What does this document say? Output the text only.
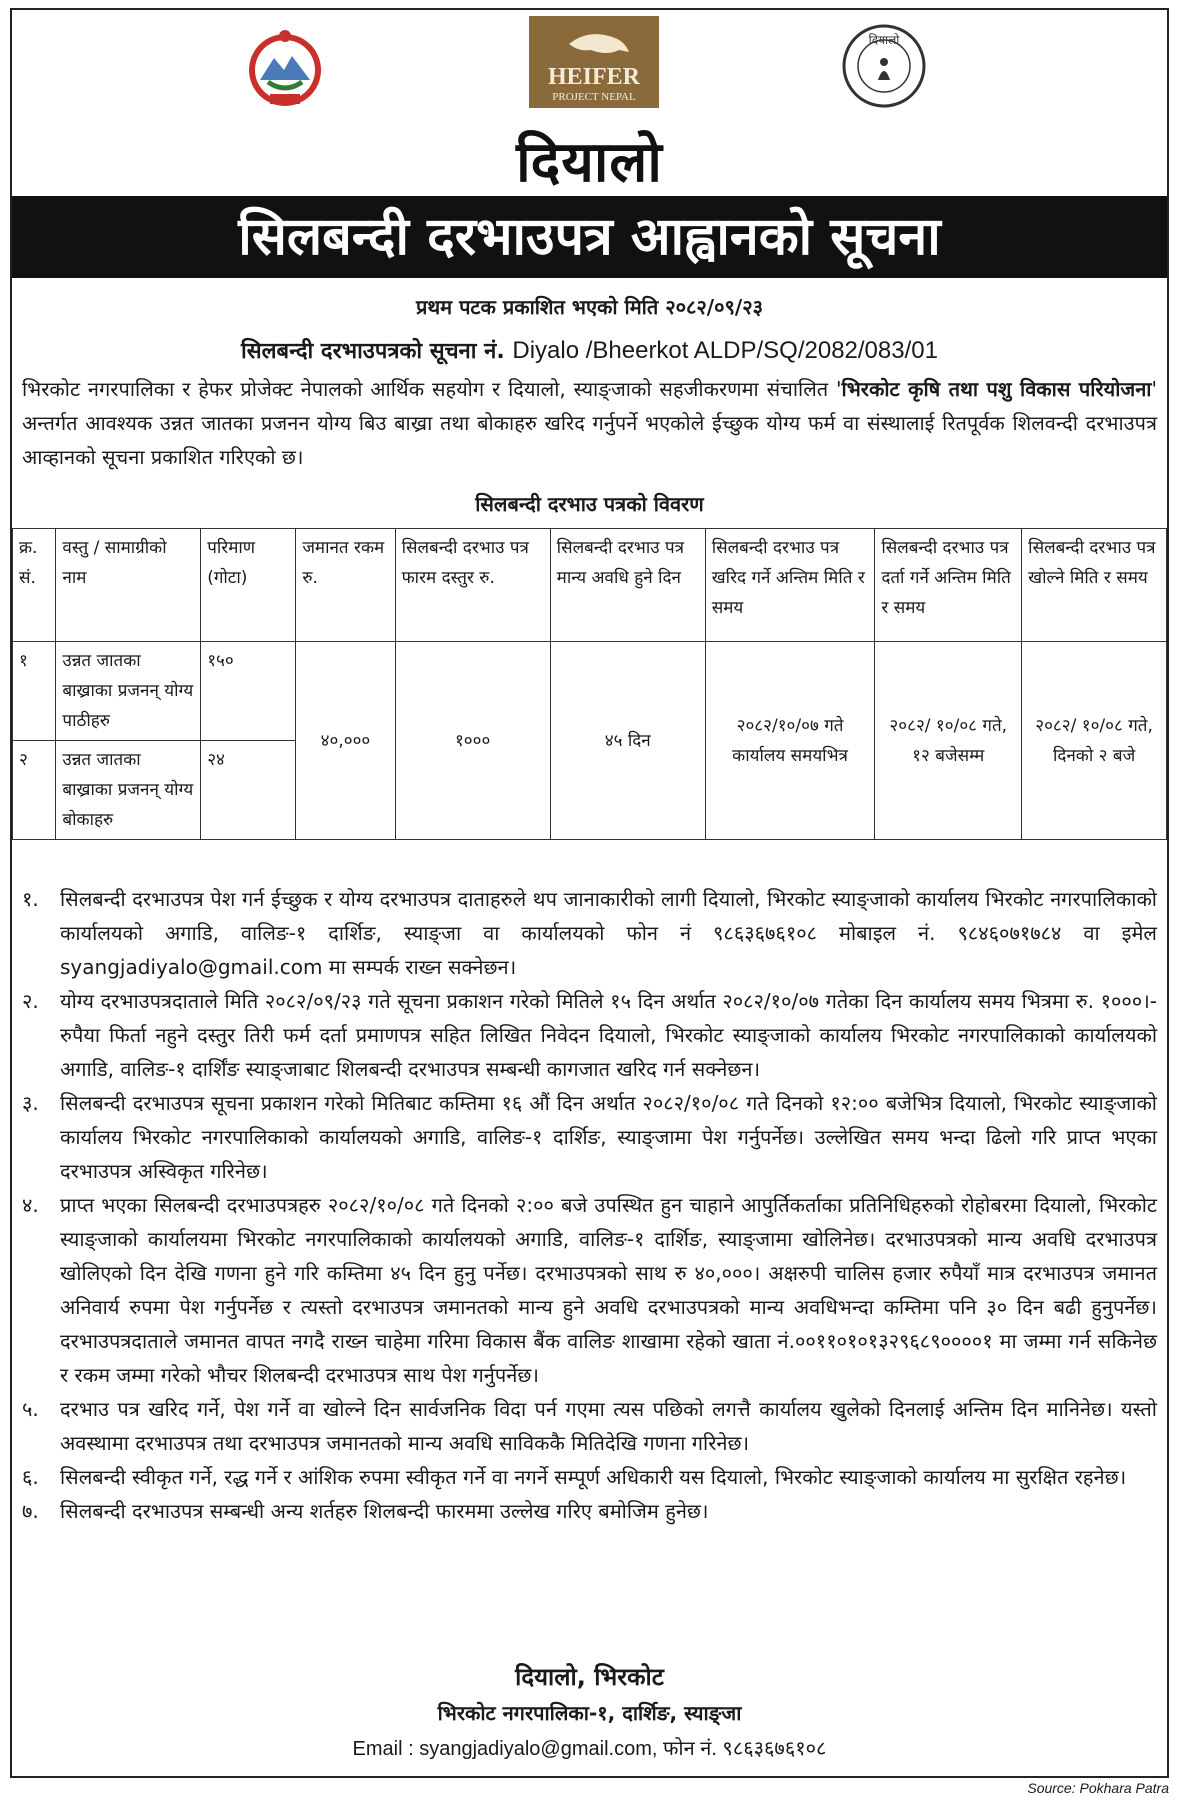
HEIFER
PROJECT NEPAL
दियालो
दियालो
सिलबन्दी दरभाउपत्र आह्वानको सूचना
प्रथम पटक प्रकाशित भएको मिति २०८२/०९/२३
सिलबन्दी दरभाउपत्रको सूचना नं. Diyalo /Bheerkot ALDP/SQ/2082/083/01
भिरकोट नगरपालिका र हेफर प्रोजेक्ट नेपालको आर्थिक सहयोग र दियालो, स्याङ्जाको सहजीकरणमा संचालित 'भिरकोट कृषि तथा पशु विकास परियोजना' अन्तर्गत आवश्यक उन्नत जातका प्रजनन योग्य बिउ बाख्रा तथा बोकाहरु खरिद गर्नुपर्ने भएकोले ईच्छुक योग्य फर्म वा संस्थालाई रितपूर्वक शिलवन्दी दरभाउपत्र आव्हानको सूचना प्रकाशित गरिएको छ।
सिलबन्दी दरभाउ पत्रको विवरण
क्र. सं.	वस्तु / सामाग्रीको नाम	परिमाण (गोटा)	जमानत रकम रु.	सिलबन्दी दरभाउ पत्र फारम दस्तुर रु.	सिलबन्दी दरभाउ पत्र मान्य अवधि हुने दिन	सिलबन्दी दरभाउ पत्र खरिद गर्ने अन्तिम मिति र समय	सिलबन्दी दरभाउ पत्र दर्ता गर्ने अन्तिम मिति र समय	सिलबन्दी दरभाउ पत्र खोल्ने मिति र समय
१	उन्नत जातका बाख्राका प्रजनन् योग्य पाठीहरु	१५०	४०,०००	१०००	४५ दिन	२०८२/१०/०७ गते कार्यालय समयभित्र	२०८२/ १०/०८ गते, १२ बजेसम्म	२०८२/ १०/०८ गते, दिनको २ बजे
२	उन्नत जातका बाख्राका प्रजनन् योग्य बोकाहरु	२४						
१.	सिलबन्दी दरभाउपत्र पेश गर्न ईच्छुक र योग्य दरभाउपत्र दाताहरुले थप जानाकारीको लागी दियालो, भिरकोट स्याङ्जाको कार्यालय भिरकोट नगरपालिकाको कार्यालयको अगाडि, वालिङ-१ दार्शिङ, स्याङ्जा वा कार्यालयको फोन नं ९८६३६७६१०८ मोबाइल नं. ९८४६०७१७८४ वा इमेल syangjadiyalo@gmail.com मा सम्पर्क राख्न सक्नेछन।
२.	योग्य दरभाउपत्रदाताले मिति २०८२/०९/२३ गते सूचना प्रकाशन गरेको मितिले १५ दिन अर्थात २०८२/१०/०७ गतेका दिन कार्यालय समय भित्रमा रु. १०००।- रुपैया फिर्ता नहुने दस्तुर तिरी फर्म दर्ता प्रमाणपत्र सहित लिखित निवेदन दियालो, भिरकोट स्याङ्जाको कार्यालय भिरकोट नगरपालिकाको कार्यालयको अगाडि, वालिङ-१ दार्शिंङ स्याङ्जाबाट शिलबन्दी दरभाउपत्र सम्बन्धी कागजात खरिद गर्न सक्नेछन।
३.	सिलबन्दी दरभाउपत्र सूचना प्रकाशन गरेको मितिबाट कम्तिमा १६ औं दिन अर्थात २०८२/१०/०८ गते दिनको १२:०० बजेभित्र दियालो, भिरकोट स्याङ्जाको कार्यालय भिरकोट नगरपालिकाको कार्यालयको अगाडि, वालिङ-१ दार्शिङ, स्याङ्जामा पेश गर्नुपर्नेछ। उल्लेखित समय भन्दा ढिलो गरि प्राप्त भएका दरभाउपत्र अस्विकृत गरिनेछ।
४.	प्राप्त भएका सिलबन्दी दरभाउपत्रहरु २०८२/१०/०८ गते दिनको २:०० बजे उपस्थित हुन चाहाने आपुर्तिकर्ताका प्रतिनिधिहरुको रोहोबरमा दियालो, भिरकोट स्याङ्जाको कार्यालयमा भिरकोट नगरपालिकाको कार्यालयको अगाडि, वालिङ-१ दार्शिङ, स्याङ्जामा खोलिनेछ। दरभाउपत्रको मान्य अवधि दरभाउपत्र खोलिएको दिन देखि गणना हुने गरि कम्तिमा ४५ दिन हुनु पर्नेछ। दरभाउपत्रको साथ रु ४०,०००। अक्षरुपी चालिस हजार रुपैयाँ मात्र दरभाउपत्र जमानत अनिवार्य रुपमा पेश गर्नुपर्नेछ र त्यस्तो दरभाउपत्र जमानतको मान्य हुने अवधि दरभाउपत्रको मान्य अवधिभन्दा कम्तिमा पनि ३० दिन बढी हुनुपर्नेछ। दरभाउपत्रदाताले जमानत वापत नगदै राख्न चाहेमा गरिमा विकास बैंक वालिङ शाखामा रहेको खाता नं.००११०१०१३२९६८९००००१ मा जम्मा गर्न सकिनेछ र रकम जम्मा गरेको भौचर शिलबन्दी दरभाउपत्र साथ पेश गर्नुपर्नेछ।
५.	दरभाउ पत्र खरिद गर्ने, पेश गर्ने वा खोल्ने दिन सार्वजनिक विदा पर्न गएमा त्यस पछिको लगत्तै कार्यालय खुलेको दिनलाई अन्तिम दिन मानिनेछ। यस्तो अवस्थामा दरभाउपत्र तथा दरभाउपत्र जमानतको मान्य अवधि साविककै मितिदेखि गणना गरिनेछ।
६.	सिलबन्दी स्वीकृत गर्ने, रद्ध गर्ने र आंशिक रुपमा स्वीकृत गर्ने वा नगर्ने सम्पूर्ण अधिकारी यस दियालो, भिरकोट स्याङ्जाको कार्यालय मा सुरक्षित रहनेछ।
७.	सिलबन्दी दरभाउपत्र सम्बन्धी अन्य शर्तहरु शिलबन्दी फारममा उल्लेख गरिए बमोजिम हुनेछ।
दियालो, भिरकोट
भिरकोट नगरपालिका-१, दार्शिङ, स्याङ्जा
Email : syangjadiyalo@gmail.com, फोन नं. ९८६३६७६१०८
Source: Pokhara Patra
